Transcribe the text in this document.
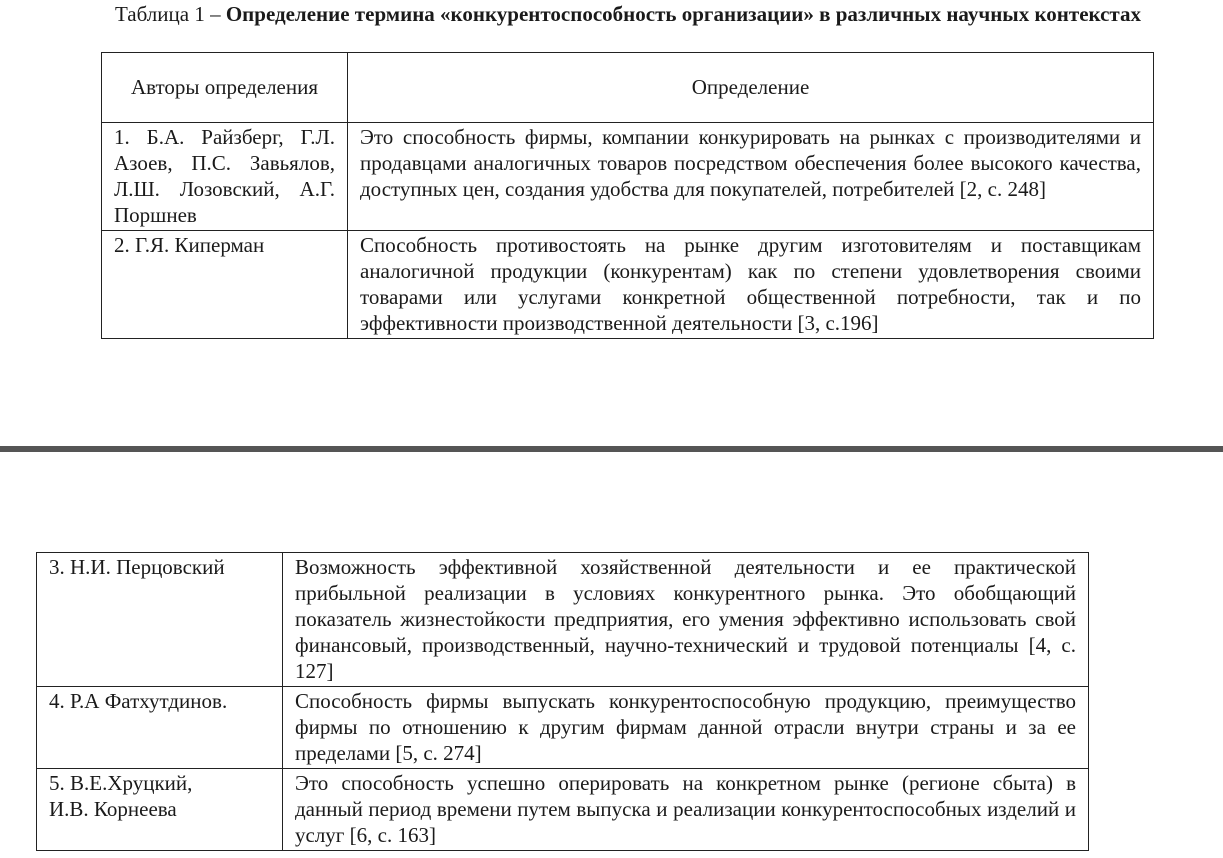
Таблица 1 – Определение термина «конкурентоспособность организации» в различных научных контекстах
Авторы определения	Определение
1. Б.А. Райзберг, Г.Л. Азоев, П.С. Завьялов, Л.Ш. Лозовский, А.Г. Поршнев	Это способность фирмы, компании конкурировать на рынках с производителями и продавцами аналогичных товаров посредством обеспечения более высокого качества, доступных цен, создания удобства для покупателей, потребителей [2, с. 248]
2. Г.Я. Киперман	Способность противостоять на рынке другим изготовителям и поставщикам аналогичной продукции (конкурентам) как по степени удовлетворения своими товарами или услугами конкретной общественной потребности, так и по эффективности производственной деятельности [3, с.196]
3. Н.И. Перцовский	Возможность эффективной хозяйственной деятельности и ее практической прибыльной реализации в условиях конкурентного рынка. Это обобщающий показатель жизнестойкости предприятия, его умения эффективно использовать свой финансовый, производственный, научно-технический и трудовой потенциалы [4, с. 127]
4. Р.А Фатхутдинов.	Способность фирмы выпускать конкурентоспособную продукцию, преимущество фирмы по отношению к другим фирмам данной отрасли внутри страны и за ее пределами [5, с. 274]

5. В.Е.Хруцкий,
И.В. Корнеева	Это способность успешно оперировать на конкретном рынке (регионе сбыта) в данный период времени путем выпуска и реализации конкурентоспособных изделий и услуг [6, с. 163]
